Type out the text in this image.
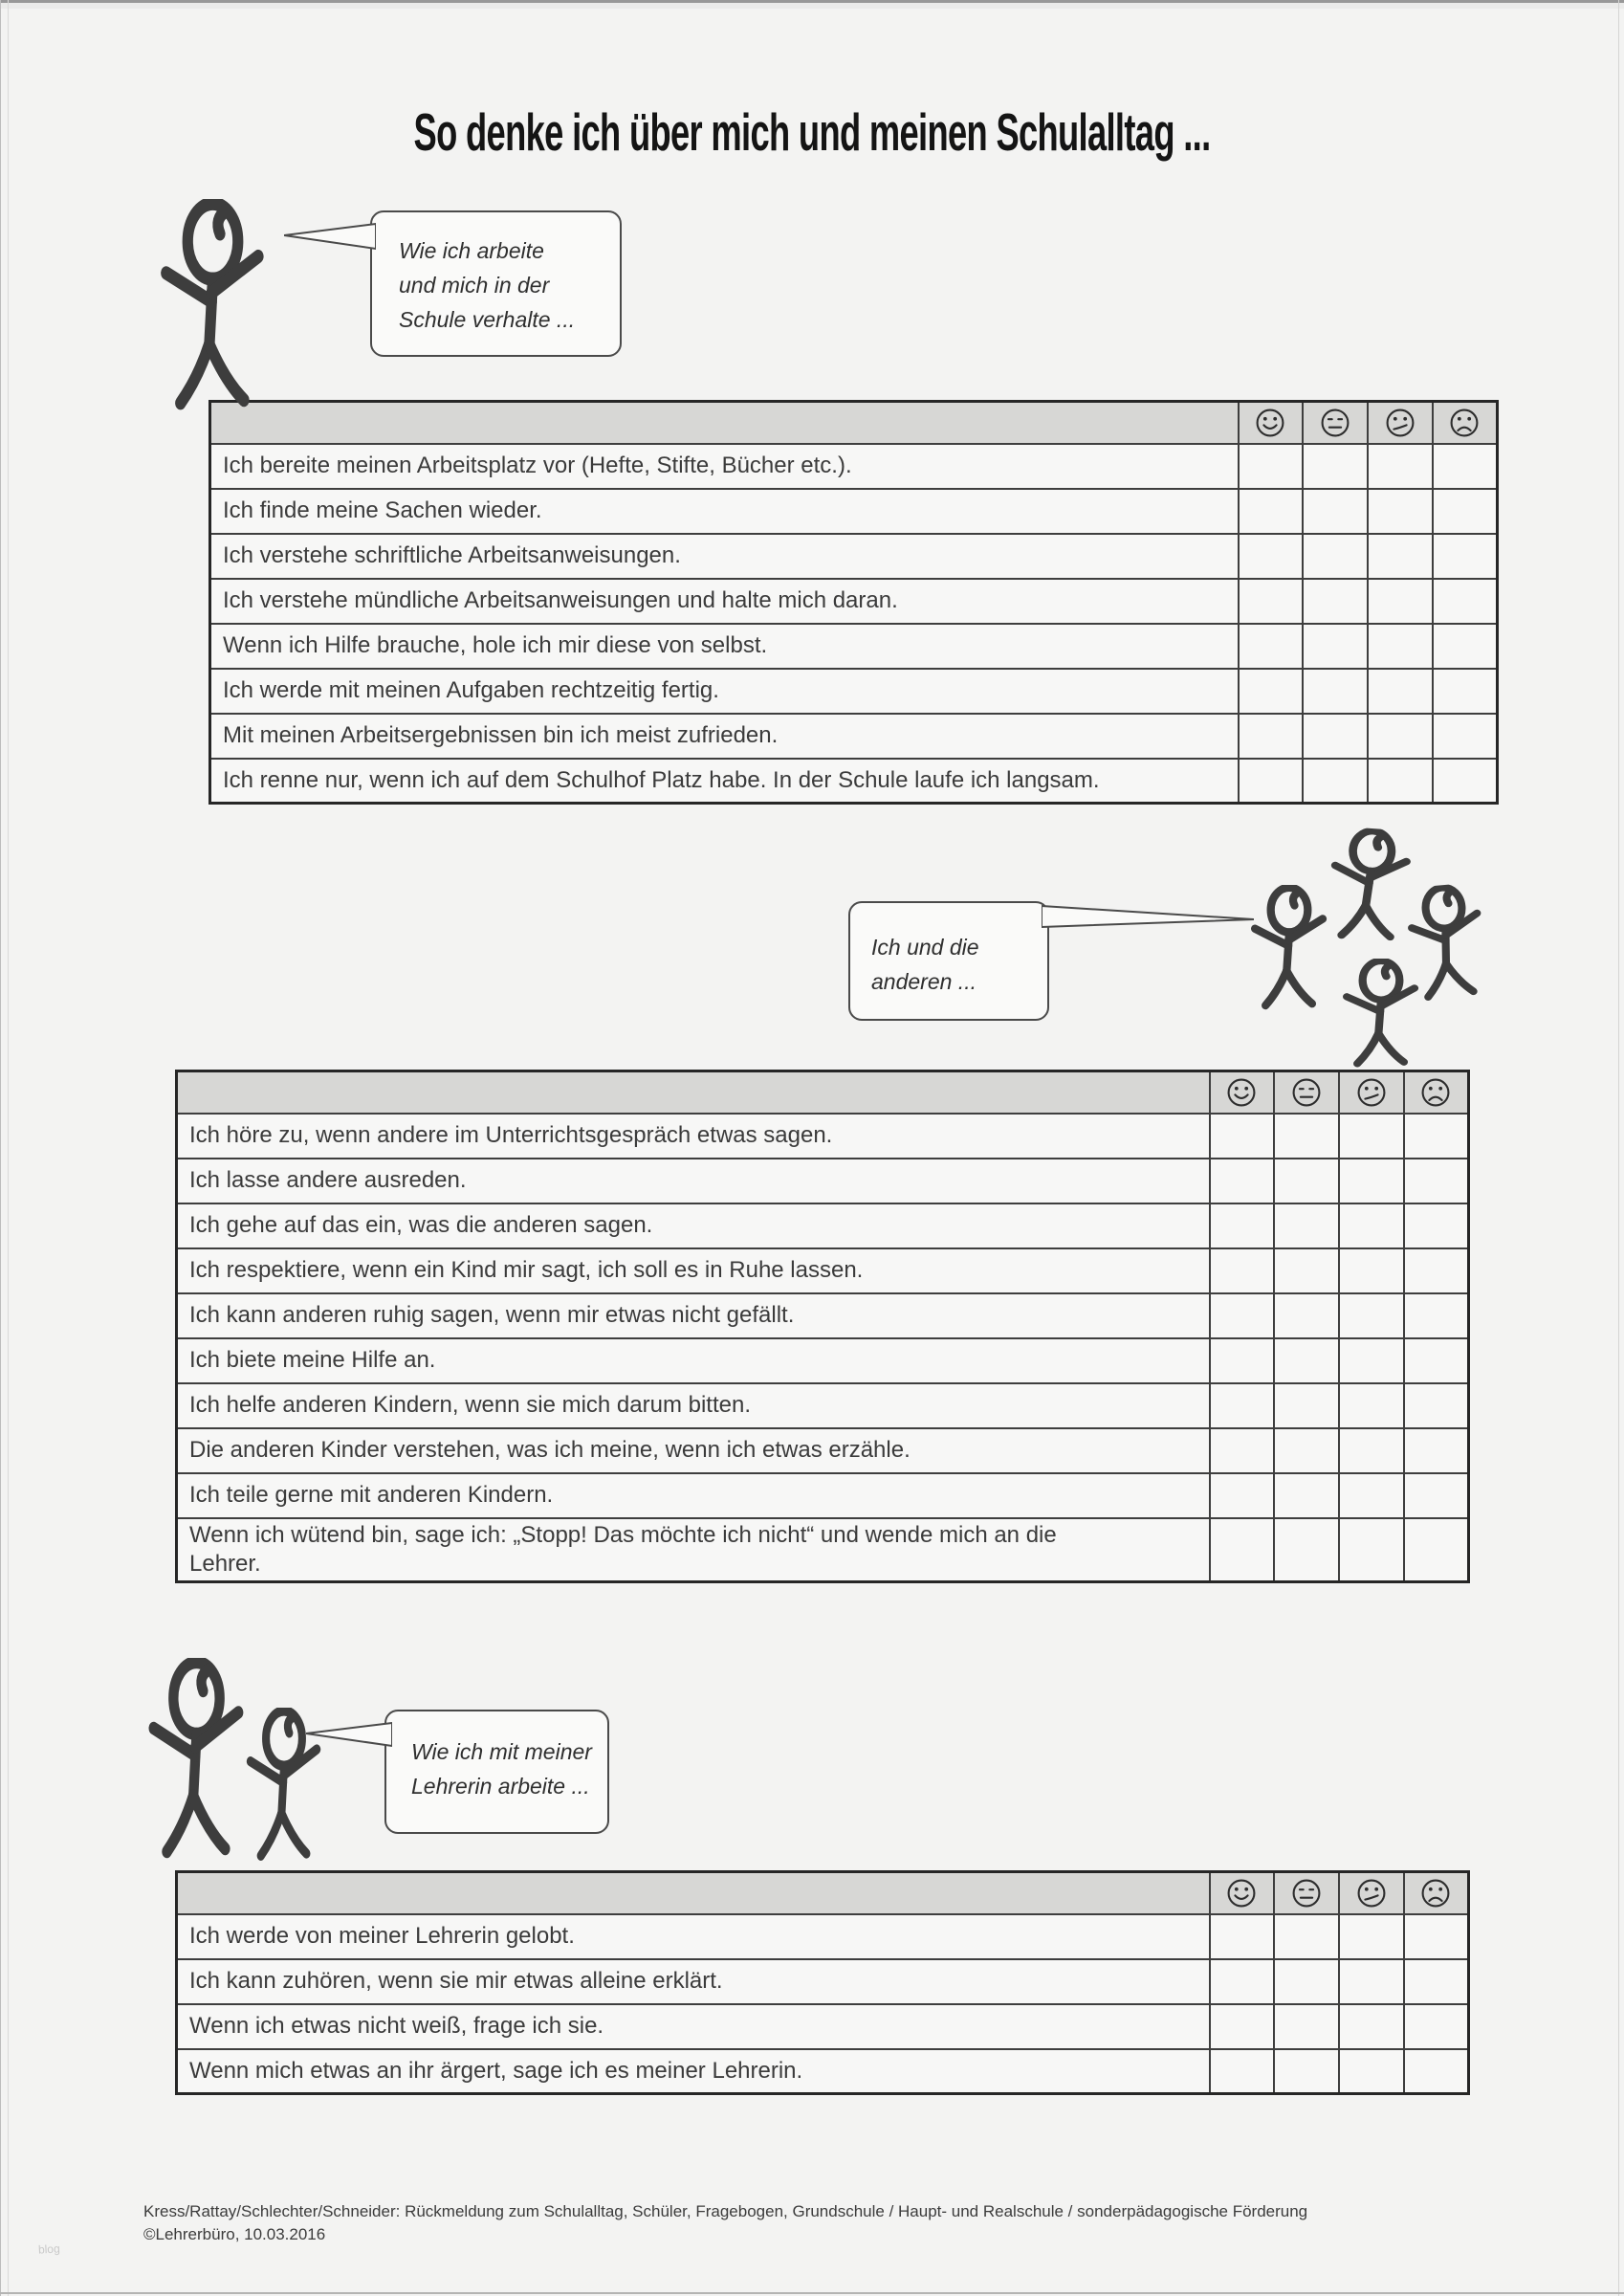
So denke ich über mich und meinen Schulalltag ...
Wie ich arbeite
und mich in der
Schule verhalte ...

Ich bereite meinen Arbeitsplatz vor (Hefte, Stifte, Bücher etc.).				
Ich finde meine Sachen wieder.				
Ich verstehe schriftliche Arbeitsanweisungen.				
Ich verstehe mündliche Arbeitsanweisungen und halte mich daran.				
Wenn ich Hilfe brauche, hole ich mir diese von selbst.				
Ich werde mit meinen Aufgaben rechtzeitig fertig.				
Mit meinen Arbeitsergebnissen bin ich meist zufrieden.				
Ich renne nur, wenn ich auf dem Schulhof Platz habe. In der Schule laufe ich langsam.				
Ich und die
anderen ...

Ich höre zu, wenn andere im Unterrichtsgespräch etwas sagen.				
Ich lasse andere ausreden.				
Ich gehe auf das ein, was die anderen sagen.				
Ich respektiere, wenn ein Kind mir sagt, ich soll es in Ruhe lassen.				
Ich kann anderen ruhig sagen, wenn mir etwas nicht gefällt.				
Ich biete meine Hilfe an.				
Ich helfe anderen Kindern, wenn sie mich darum bitten.				
Die anderen Kinder verstehen, was ich meine, wenn ich etwas erzähle.				
Ich teile gerne mit anderen Kindern.				
Wenn ich wütend bin, sage ich: „Stopp! Das möchte ich nicht“ und wende mich an die Lehrer.				
Wie ich mit meiner
Lehrerin arbeite ...

Ich werde von meiner Lehrerin gelobt.				
Ich kann zuhören, wenn sie mir etwas alleine erklärt.				
Wenn ich etwas nicht weiß, frage ich sie.				
Wenn mich etwas an ihr ärgert, sage ich es meiner Lehrerin.				
Kress/Rattay/Schlechter/Schneider: Rückmeldung zum Schulalltag, Schüler, Fragebogen, Grundschule / Haupt- und Realschule / sonderpädagogische Förderung
©Lehrerbüro, 10.03.2016
blog
